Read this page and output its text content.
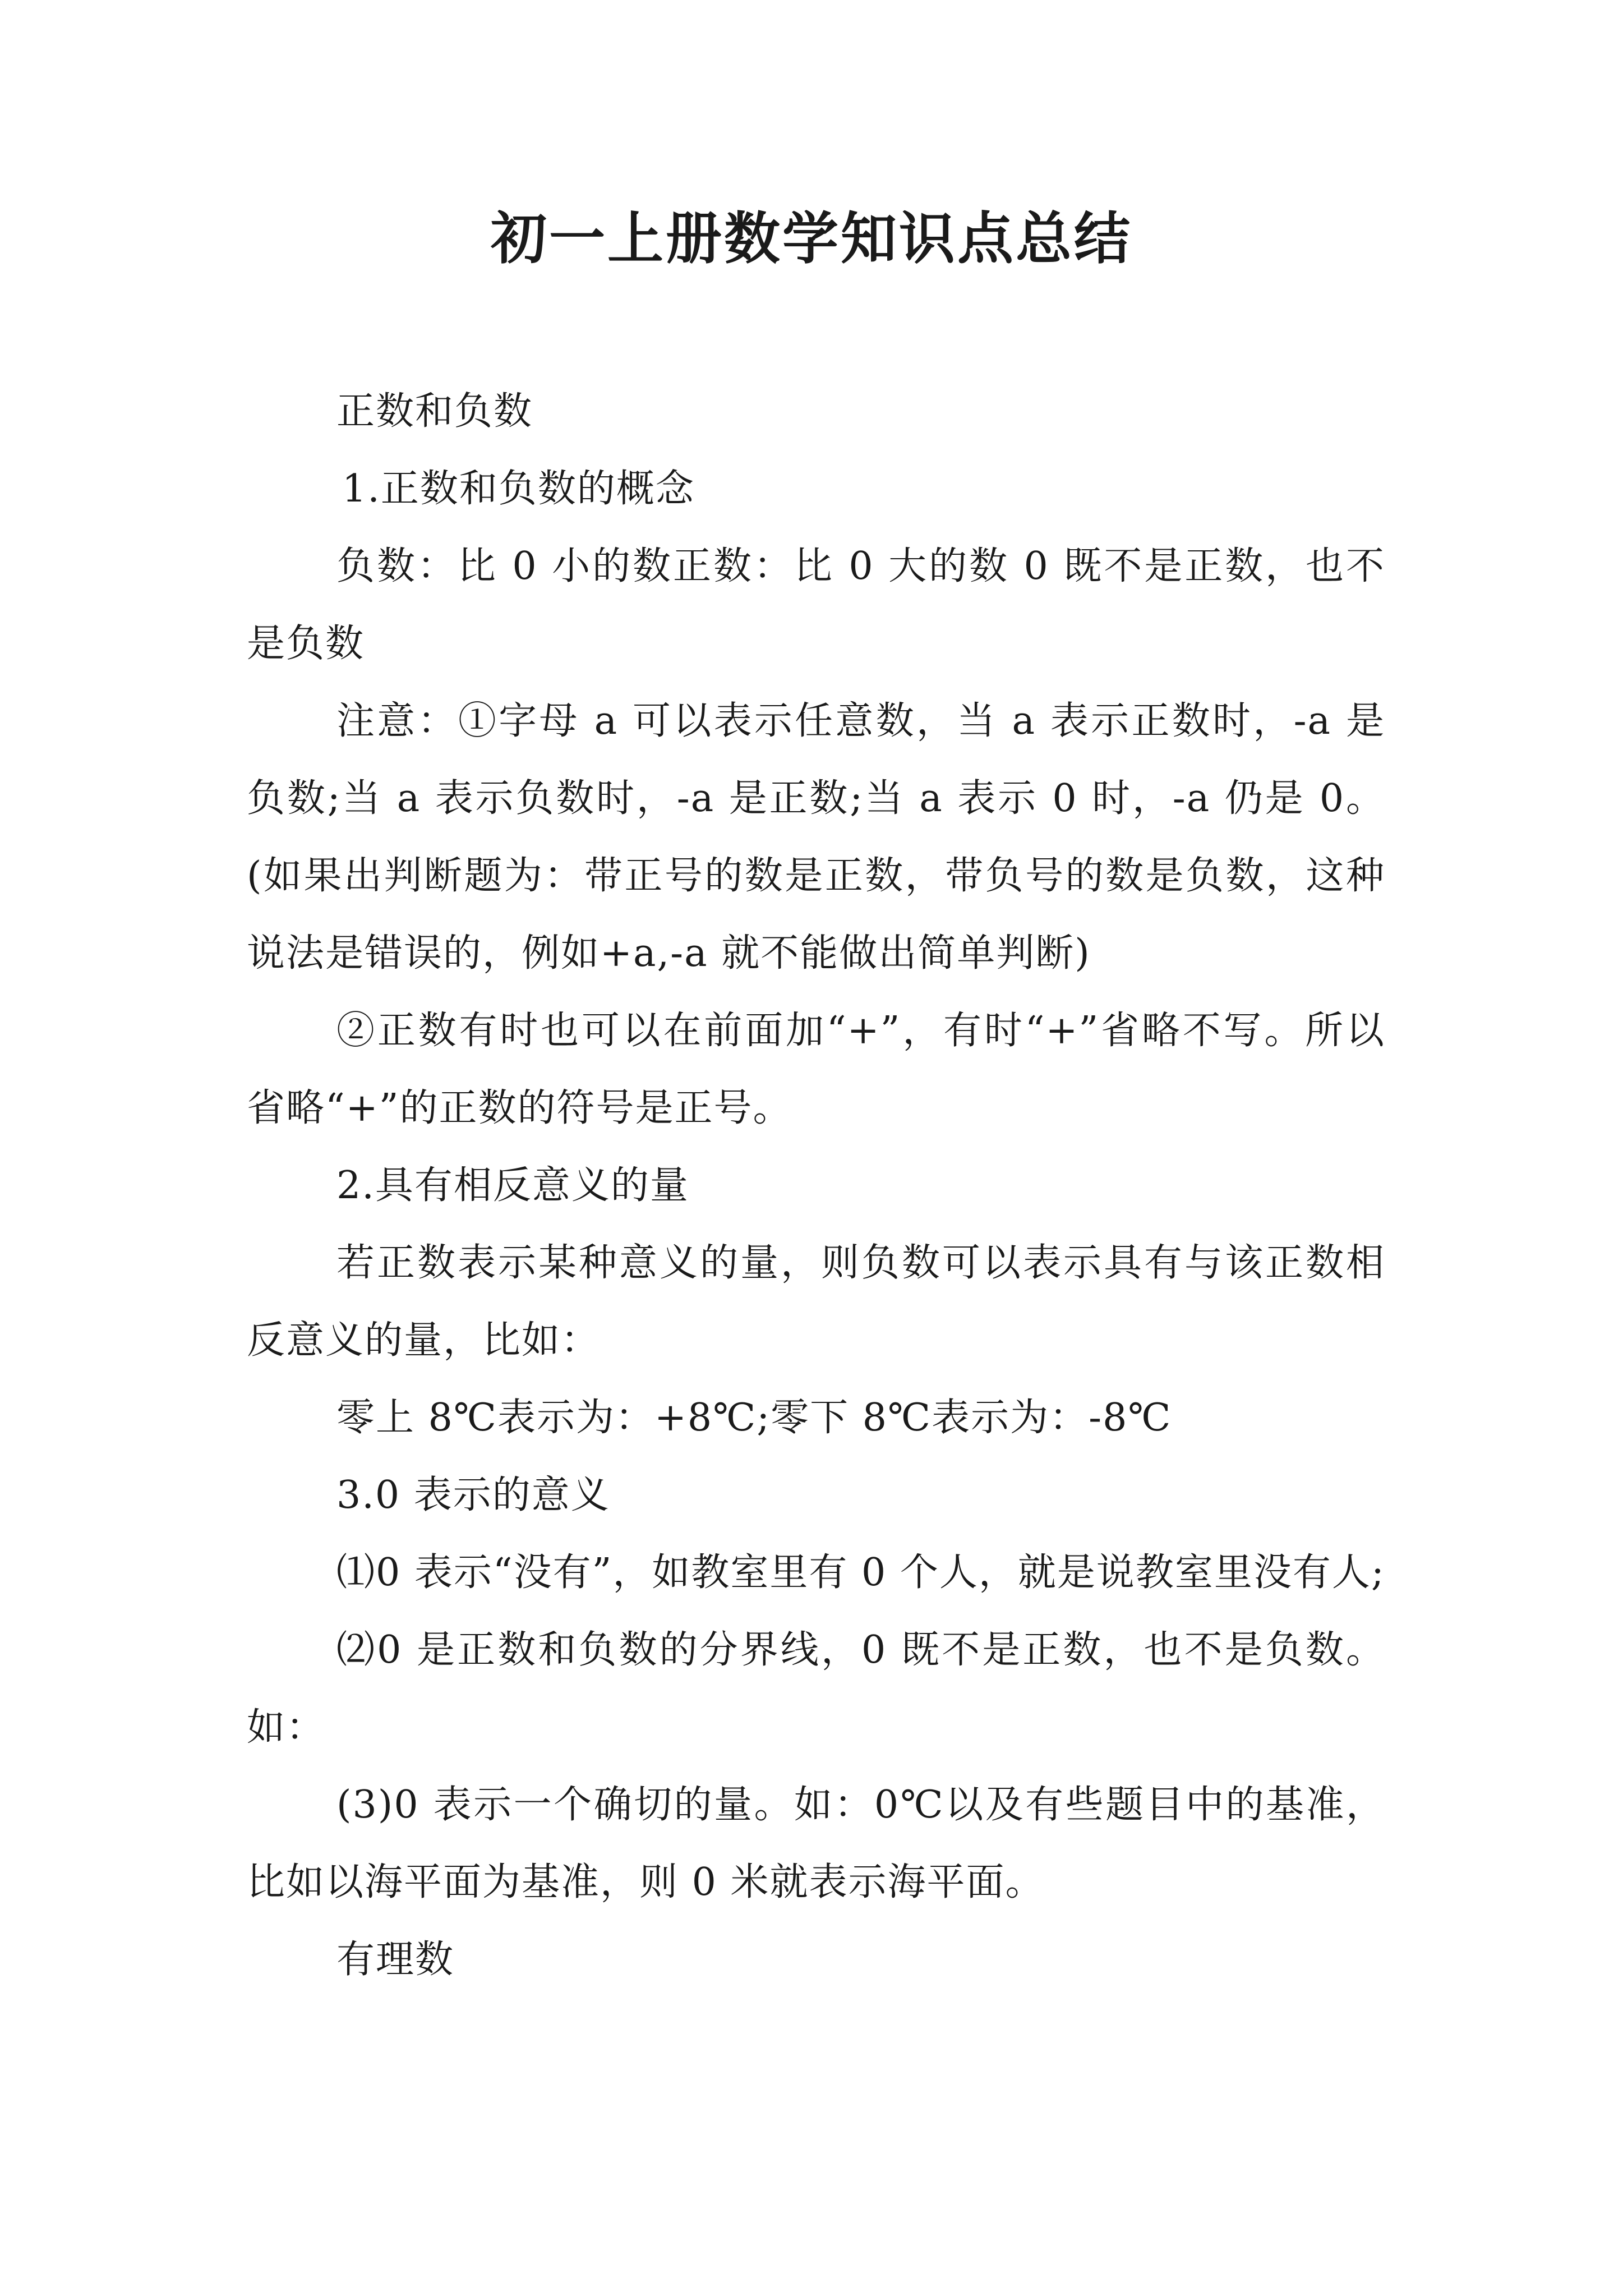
初一上册数学知识点总结

正数和负数

1.正数和负数的概念

负数：比 0 小的数正数：比 0 大的数 0 既不是正数，也不是负数

注意：①字母 a 可以表示任意数，当 a 表示正数时，-a 是负数;当 a 表示负数时，-a 是正数;当 a 表示 0 时，-a 仍是 0。(如果出判断题为：带正号的数是正数，带负号的数是负数，这种说法是错误的，例如+a,-a 就不能做出简单判断)

②正数有时也可以在前面加“+”，有时“+”省略不写。所以省略“+”的正数的符号是正号。

2.具有相反意义的量

若正数表示某种意义的量，则负数可以表示具有与该正数相反意义的量，比如：

零上 8℃表示为：+8℃;零下 8℃表示为：-8℃

3.0 表示的意义

⑴0 表示“没有”，如教室里有 0 个人，就是说教室里没有人;

⑵0 是正数和负数的分界线，0 既不是正数，也不是负数。如：

(3)0 表示一个确切的量。如：0℃以及有些题目中的基准，比如以海平面为基准，则 0 米就表示海平面。

有理数
